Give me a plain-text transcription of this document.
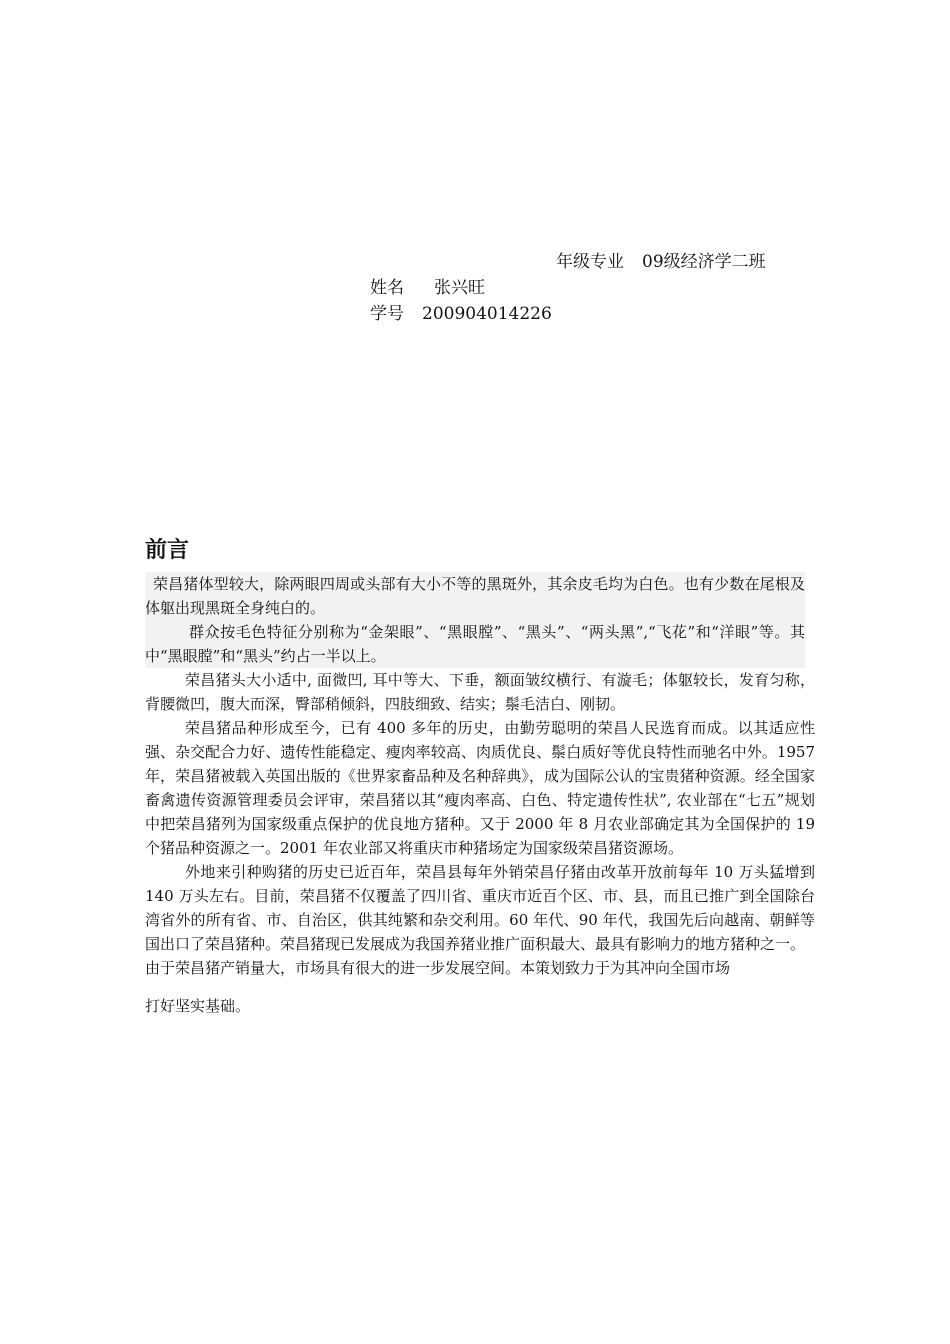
年级专业 09级经济学二班
姓名 张兴旺
学号 200904014226
前言

荣昌猪体型较大，除两眼四周或头部有大小不等的黑斑外，其余皮毛均为白色。也有少数在尾根及体躯出现黑斑全身纯白的。

群众按毛色特征分别称为“金架眼”、“黑眼膛”、“黑头”、“两头黑”,“飞花”和“洋眼”等。其中“黑眼膛”和“黑头”约占一半以上。

荣昌猪头大小适中, 面微凹, 耳中等大、下垂，额面皱纹横行、有漩毛；体躯较长，发育匀称，背腰微凹，腹大而深，臀部稍倾斜，四肢细致、结实；鬃毛洁白、刚韧。

荣昌猪品种形成至今，已有 400 多年的历史，由勤劳聪明的荣昌人民选育而成。以其适应性强、杂交配合力好、遗传性能稳定、瘦肉率较高、肉质优良、鬃白质好等优良特性而驰名中外。1957 年，荣昌猪被载入英国出版的《世界家畜品种及名种辞典》，成为国际公认的宝贵猪种资源。经全国家畜禽遗传资源管理委员会评审，荣昌猪以其“瘦肉率高、白色、特定遗传性状”, 农业部在“七五”规划中把荣昌猪列为国家级重点保护的优良地方猪种。又于 2000 年 8 月农业部确定其为全国保护的 19 个猪品种资源之一。2001 年农业部又将重庆市种猪场定为国家级荣昌猪资源场。

外地来引种购猪的历史已近百年，荣昌县每年外销荣昌仔猪由改革开放前每年 10 万头猛增到 140 万头左右。目前，荣昌猪不仅覆盖了四川省、重庆市近百个区、市、县，而且已推广到全国除台湾省外的所有省、市、自治区，供其纯繁和杂交利用。60 年代、90 年代，我国先后向越南、朝鲜等国出口了荣昌猪种。荣昌猪现已发展成为我国养猪业推广面积最大、最具有影响力的地方猪种之一。

由于荣昌猪产销量大，市场具有很大的进一步发展空间。本策划致力于为其冲向全国市场
打好坚实基础。
